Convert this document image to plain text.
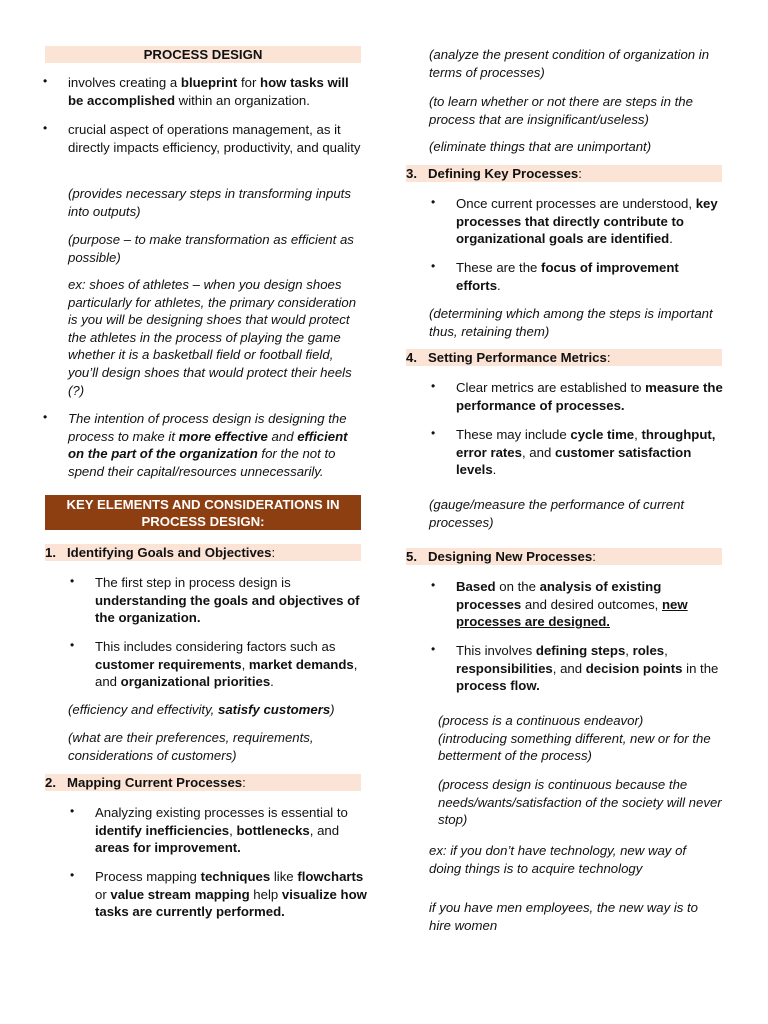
PROCESS DESIGN
• involves creating a blueprint for how tasks will be accomplished within an organization.
• crucial aspect of operations management, as it directly impacts efficiency, productivity, and quality
(provides necessary steps in transforming inputs into outputs)
(purpose – to make transformation as efficient as possible)
ex: shoes of athletes – when you design shoes particularly for athletes, the primary consideration is you will be designing shoes that would protect the athletes in the process of playing the game whether it is a basketball field or football field, you’ll design shoes that would protect their heels (?)
• The intention of process design is designing the process to make it more effective and efficient on the part of the organization for the not to spend their capital/resources unnecessarily.
KEY ELEMENTS AND CONSIDERATIONS IN PROCESS DESIGN:
1. Identifying Goals and Objectives:
• The first step in process design is understanding the goals and objectives of the organization.
• This includes considering factors such as customer requirements, market demands, and organizational priorities.
(efficiency and effectivity, satisfy customers)
(what are their preferences, requirements, considerations of customers)
2. Mapping Current Processes:
• Analyzing existing processes is essential to identify inefficiencies, bottlenecks, and areas for improvement.
• Process mapping techniques like flowcharts or value stream mapping help visualize how tasks are currently performed.
(analyze the present condition of organization in terms of processes)
(to learn whether or not there are steps in the process that are insignificant/useless)
(eliminate things that are unimportant)
3. Defining Key Processes:
• Once current processes are understood, key processes that directly contribute to organizational goals are identified.
• These are the focus of improvement efforts.
(determining which among the steps is important thus, retaining them)
4. Setting Performance Metrics:
• Clear metrics are established to measure the performance of processes.
• These may include cycle time, throughput, error rates, and customer satisfaction levels.
(gauge/measure the performance of current processes)
5. Designing New Processes:
• Based on the analysis of existing processes and desired outcomes, new processes are designed.
• This involves defining steps, roles, responsibilities, and decision points in the process flow.
(process is a continuous endeavor)
(introducing something different, new or for the betterment of the process)
(process design is continuous because the needs/wants/satisfaction of the society will never stop)
ex: if you don’t have technology, new way of doing things is to acquire technology
if you have men employees, the new way is to hire women
